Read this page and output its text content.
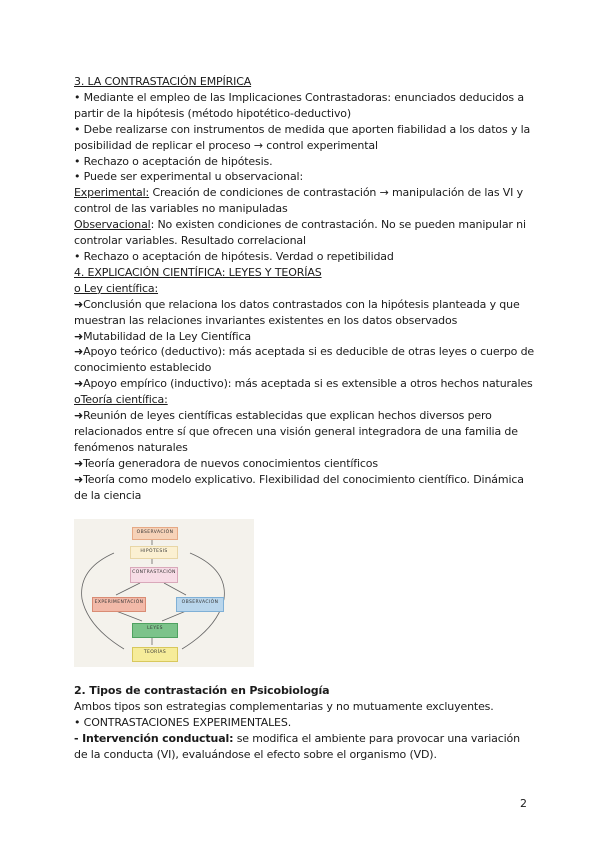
3. LA CONTRASTACIÓN EMPÍRICA

• Mediante el empleo de las Implicaciones Contrastadoras: enunciados deducidos a partir de la hipótesis (método hipotético-deductivo)

• Debe realizarse con instrumentos de medida que aporten fiabilidad a los datos y la posibilidad de replicar el proceso → control experimental

• Rechazo o aceptación de hipótesis.

• Puede ser experimental u observacional:

Experimental: Creación de condiciones de contrastación → manipulación de las VI y control de las variables no manipuladas

Observacional: No existen condiciones de contrastación. No se pueden manipular ni controlar variables. Resultado correlacional

• Rechazo o aceptación de hipótesis. Verdad o repetibilidad

4. EXPLICACIÓN CIENTÍFICA: LEYES Y TEORÍAS

o Ley científica:

➜Conclusión que relaciona los datos contrastados con la hipótesis planteada y que muestran las relaciones invariantes existentes en los datos observados

➜Mutabilidad de la Ley Científica

➜Apoyo teórico (deductivo): más aceptada si es deducible de otras leyes o cuerpo de conocimiento establecido

➜Apoyo empírico (inductivo): más aceptada si es extensible a otros hechos naturales

oTeoría científica:

➜Reunión de leyes científicas establecidas que explican hechos diversos pero relacionados entre sí que ofrecen una visión general integradora de una familia de fenómenos naturales

➜Teoría generadora de nuevos conocimientos científicos

➜Teoría como modelo explicativo. Flexibilidad del conocimiento científico. Dinámica de la ciencia

OBSERVACIÓN
HIPÓTESIS
CONTRASTACIÓN
EXPERIMENTACIÓN	OBSERVACIÓN
LEYES
TEORÍAS

2. Tipos de contrastación en Psicobiología

Ambos tipos son estrategias complementarias y no mutuamente excluyentes.

• CONTRASTACIONES EXPERIMENTALES.

- Intervención conductual: se modifica el ambiente para provocar una variación de la conducta (VI), evaluándose el efecto sobre el organismo (VD).

2
